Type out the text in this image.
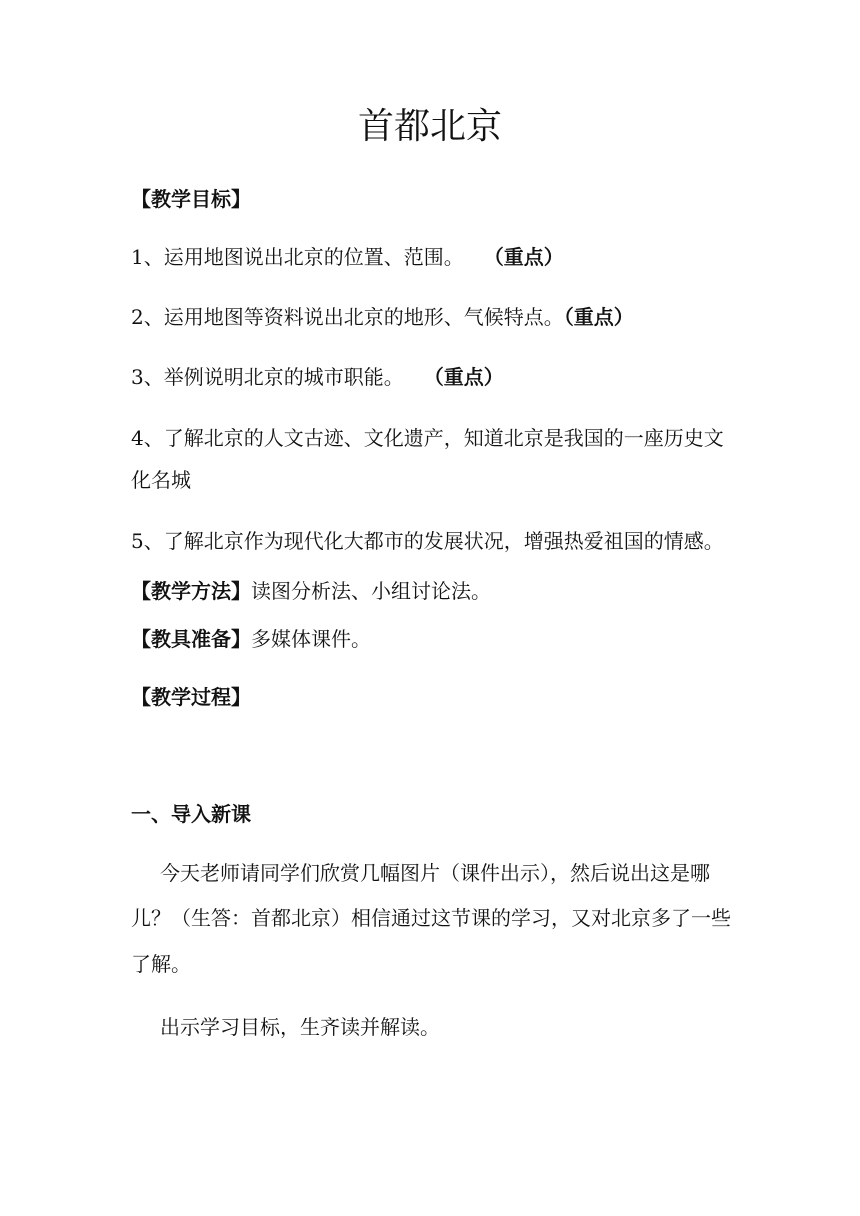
首都北京

【教学目标】

1、运用地图说出北京的位置、范围。　　 （重点）

2、运用地图等资料说出北京的地形、气候特点。（重点）

3、举例说明北京的城市职能。　　 （重点）

4、了解北京的人文古迹、文化遗产，知道北京是我国的一座历史文

化名城

5、了解北京作为现代化大都市的发展状况，增强热爱祖国的情感。

【教学方法】读图分析法、小组讨论法。

【教具准备】多媒体课件。

【教学过程】

一、导入新课

今天老师请同学们欣赏几幅图片（课件出示），然后说出这是哪

儿？（生答：首都北京）相信通过这节课的学习，又对北京多了一些

了解。

出示学习目标，生齐读并解读。
